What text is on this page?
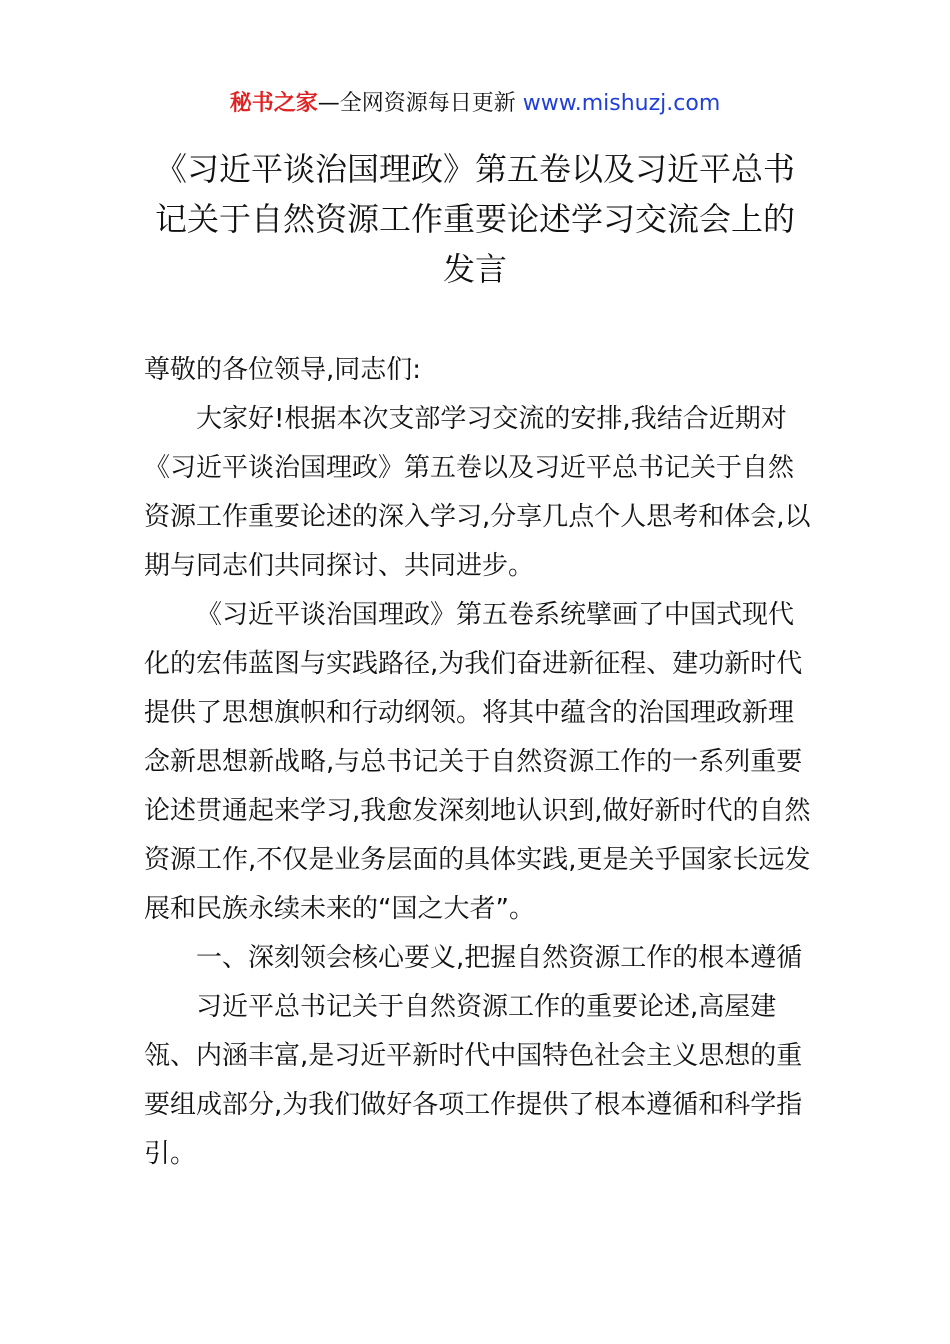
秘书之家—全网资源每日更新 www.mishuzj.com
《习近平谈治国理政》第五卷以及习近平总书
记关于自然资源工作重要论述学习交流会上的
发言

尊敬的各位领导,同志们:

大家好!根据本次支部学习交流的安排,我结合近期对《习近平谈治国理政》第五卷以及习近平总书记关于自然资源工作重要论述的深入学习,分享几点个人思考和体会,以期与同志们共同探讨、共同进步。

《习近平谈治国理政》第五卷系统擘画了中国式现代化的宏伟蓝图与实践路径,为我们奋进新征程、建功新时代提供了思想旗帜和行动纲领。将其中蕴含的治国理政新理念新思想新战略,与总书记关于自然资源工作的一系列重要论述贯通起来学习,我愈发深刻地认识到,做好新时代的自然资源工作,不仅是业务层面的具体实践,更是关乎国家长远发展和民族永续未来的“国之大者”。

一、深刻领会核心要义,把握自然资源工作的根本遵循

习近平总书记关于自然资源工作的重要论述,高屋建瓴、内涵丰富,是习近平新时代中国特色社会主义思想的重要组成部分,为我们做好各项工作提供了根本遵循和科学指引。
